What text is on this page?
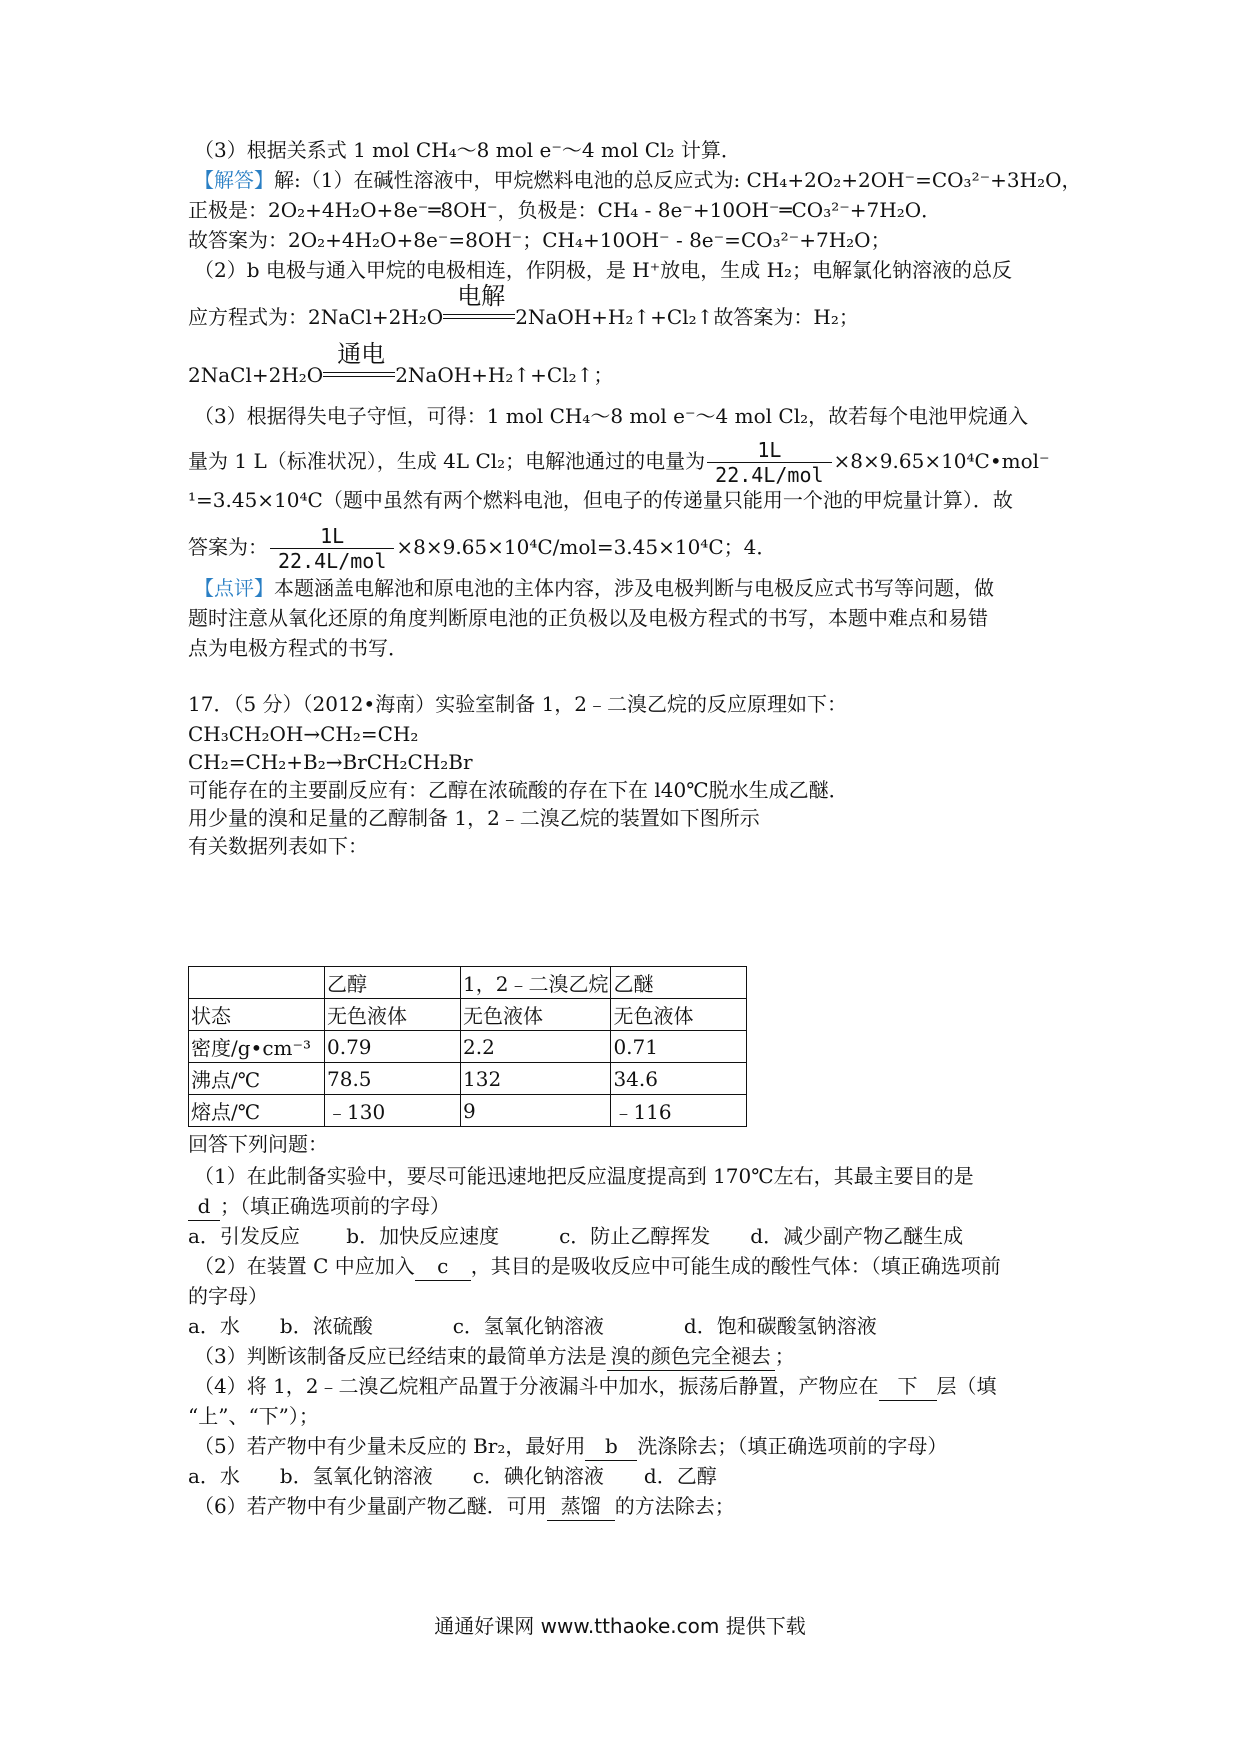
（3）根据关系式 1 mol CH₄～8 mol e⁻～4 mol Cl₂ 计算．
【解答】解:（1）在碱性溶液中，甲烷燃料电池的总反应式为: CH₄+2O₂+2OH⁻=CO₃²⁻+3H₂O，
正极是：2O₂+4H₂O+8e⁻═8OH⁻，负极是：CH₄ - 8e⁻+10OH⁻═CO₃²⁻+7H₂O．
故答案为：2O₂+4H₂O+8e⁻=8OH⁻；CH₄+10OH⁻ - 8e⁻=CO₃²⁻+7H₂O；
（2）b 电极与通入甲烷的电极相连，作阴极，是 H⁺放电，生成 H₂；电解氯化钠溶液的总反
应方程式为：2NaCl+2H₂O
电解
2NaOH+H₂↑+Cl₂↑故答案为：H₂；
2NaCl+2H₂O
通电
2NaOH+H₂↑+Cl₂↑；
（3）根据得失电子守恒，可得：1 mol CH₄～8 mol e⁻～4 mol Cl₂，故若每个电池甲烷通入
量为 1 L（标准状况），生成 4L Cl₂；电解池通过的电量为 $\frac{1L}{\text{22.4L/mol}}$ ×8×9.65×10⁴C•mol⁻
¹=3.45×10⁴C（题中虽然有两个燃料电池，但电子的传递量只能用一个池的甲烷量计算）．故
答案为： $\frac{1L}{\text{22.4L/mol}} \times 8\times 9.65\times 10^4C/mol=3.45\times 10^4C$；4．
【点评】本题涵盖电解池和原电池的主体内容，涉及电极判断与电极反应式书写等问题，做
题时注意从氧化还原的角度判断原电池的正负极以及电极方程式的书写，本题中难点和易错
点为电极方程式的书写．
17．（5 分）（2012•海南）实验室制备 1，2﹣二溴乙烷的反应原理如下：
CH₃CH₂OH→CH₂=CH₂
CH₂=CH₂+B₂→BrCH₂CH₂Br
可能存在的主要副反应有：乙醇在浓硫酸的存在下在 l40℃脱水生成乙醚．
用少量的溴和足量的乙醇制备 1，2﹣二溴乙烷的装置如下图所示
有关数据列表如下：
	乙醇	1，2﹣二溴乙烷	乙醚
状态	无色液体	无色液体	无色液体
密度/g•cm⁻³	0.79	2.2	0.71
沸点/℃	78.5	132	34.6
熔点/℃	﹣130	9	﹣116
回答下列问题：
（1）在此制备实验中，要尽可能迅速地把反应温度提高到 170℃左右，其最主要目的是
d ；（填正确选项前的字母）
a．引发反应　　 b．加快反应速度　　　c．防止乙醇挥发　　d．减少副产物乙醚生成
（2）在装置 C 中应加入 c ，其目的是吸收反应中可能生成的酸性气体：（填正确选项前
的字母）
a．水　　b．浓硫酸　　　　c．氢氧化钠溶液　　　　d．饱和碳酸氢钠溶液
（3）判断该制备反应已经结束的最简单方法是 溴的颜色完全褪去 ；
（4）将 1，2﹣二溴乙烷粗产品置于分液漏斗中加水，振荡后静置，产物应在 下 层（填
“上”、“下”）；
（5）若产物中有少量未反应的 Br₂，最好用 b 洗涤除去；（填正确选项前的字母）
a．水　　b．氢氧化钠溶液　　c．碘化钠溶液　　d．乙醇
（6）若产物中有少量副产物乙醚．可用 蒸馏 的方法除去；
通通好课网 www.tthaoke.com 提供下载
